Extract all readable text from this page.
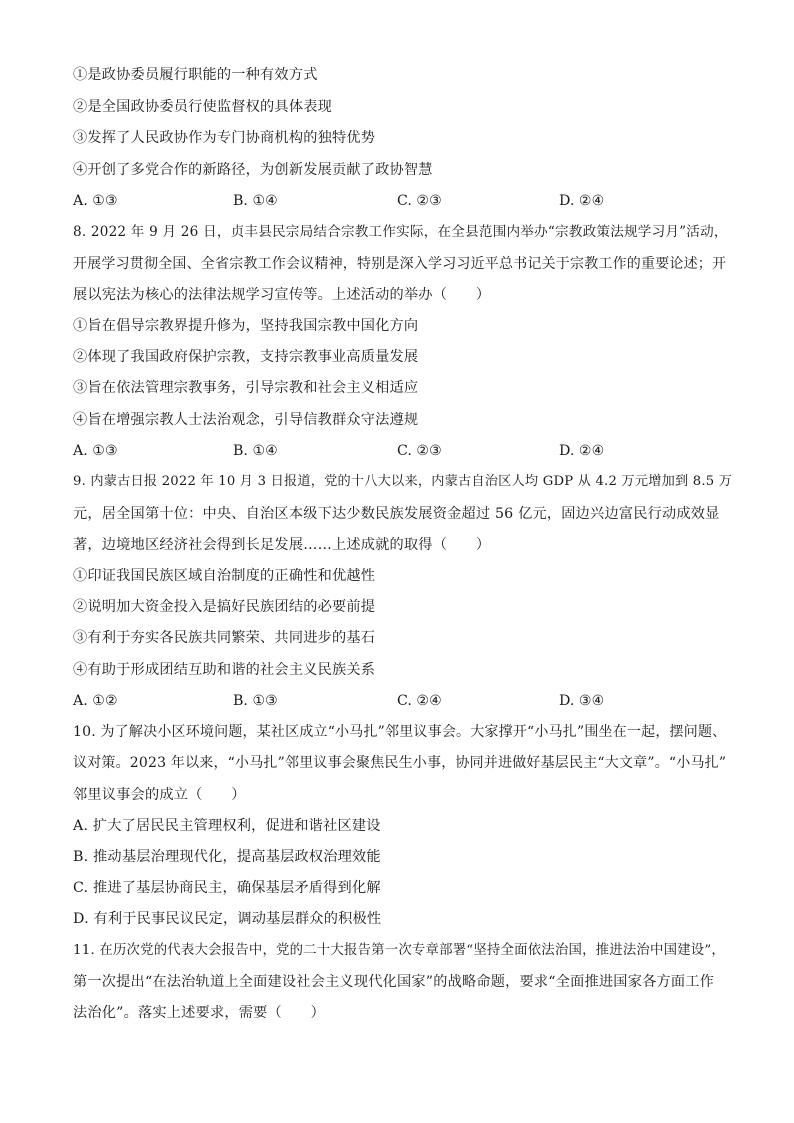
①是政协委员履行职能的一种有效方式
②是全国政协委员行使监督权的具体表现
③发挥了人民政协作为专门协商机构的独特优势
④开创了多党合作的新路径，为创新发展贡献了政协智慧
A. ①③	B. ①④	C. ②③	D. ②④
8. 2022 年 9 月 26 日，贞丰县民宗局结合宗教工作实际，在全县范围内举办“宗教政策法规学习月”活动，
开展学习贯彻全国、全省宗教工作会议精神，特别是深入学习习近平总书记关于宗教工作的重要论述；开
展以宪法为核心的法律法规学习宣传等。上述活动的举办（　　）
①旨在倡导宗教界提升修为，坚持我国宗教中国化方向
②体现了我国政府保护宗教，支持宗教事业高质量发展
③旨在依法管理宗教事务，引导宗教和社会主义相适应
④旨在增强宗教人士法治观念，引导信教群众守法遵规
A. ①③	B. ①④	C. ②③	D. ②④
9. 内蒙古日报 2022 年 10 月 3 日报道，党的十八大以来，内蒙古自治区人均 GDP 从 4.2 万元增加到 8.5 万
元，居全国第十位：中央、自治区本级下达少数民族发展资金超过 56 亿元，固边兴边富民行动成效显
著，边境地区经济社会得到长足发展……上述成就的取得（　　）
①印证我国民族区域自治制度的正确性和优越性
②说明加大资金投入是搞好民族团结的必要前提
③有利于夯实各民族共同繁荣、共同进步的基石
④有助于形成团结互助和谐的社会主义民族关系
A. ①②	B. ①③	C. ②④	D. ③④
10. 为了解决小区环境问题，某社区成立“小马扎”邻里议事会。大家撑开“小马扎”围坐在一起，摆问题、
议对策。2023 年以来，“小马扎”邻里议事会聚焦民生小事，协同并进做好基层民主“大文章”。“小马扎”
邻里议事会的成立（　　）
A. 扩大了居民民主管理权利，促进和谐社区建设
B. 推动基层治理现代化，提高基层政权治理效能
C. 推进了基层协商民主，确保基层矛盾得到化解
D. 有利于民事民议民定，调动基层群众的积极性
11. 在历次党的代表大会报告中，党的二十大报告第一次专章部署“坚持全面依法治国，推进法治中国建设”，
第一次提出“在法治轨道上全面建设社会主义现代化国家”的战略命题，要求“全面推进国家各方面工作
法治化”。落实上述要求，需要（　　）
